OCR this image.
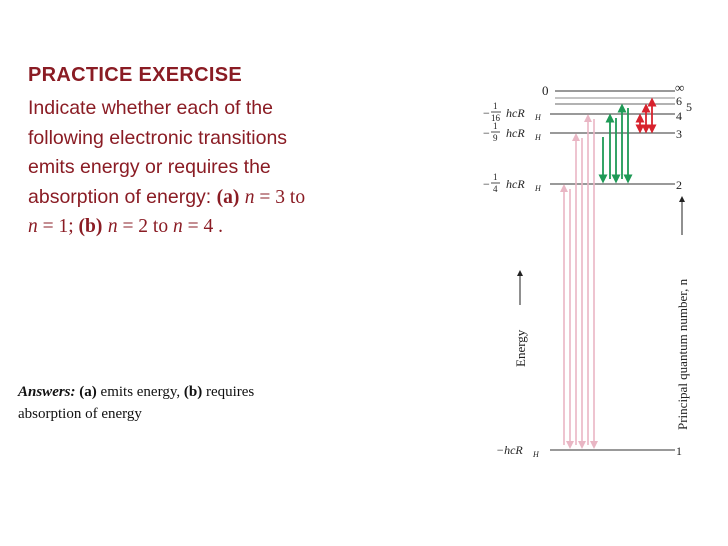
PRACTICE EXERCISE
Indicate whether each of the
following electronic transitions
emits energy or requires the
absorption of energy: (a) n = 3 to
n = 1; (b) n = 2 to n = 4 .
Answers: (a) emits energy, (b) requires
absorption of energy
0
− 1
16 hcR H
− 1
9 hcR H
− 1
4 hcR H
−hcR H
Energy	Principal quantum number, n
∞
6 5
4
3
2
1
